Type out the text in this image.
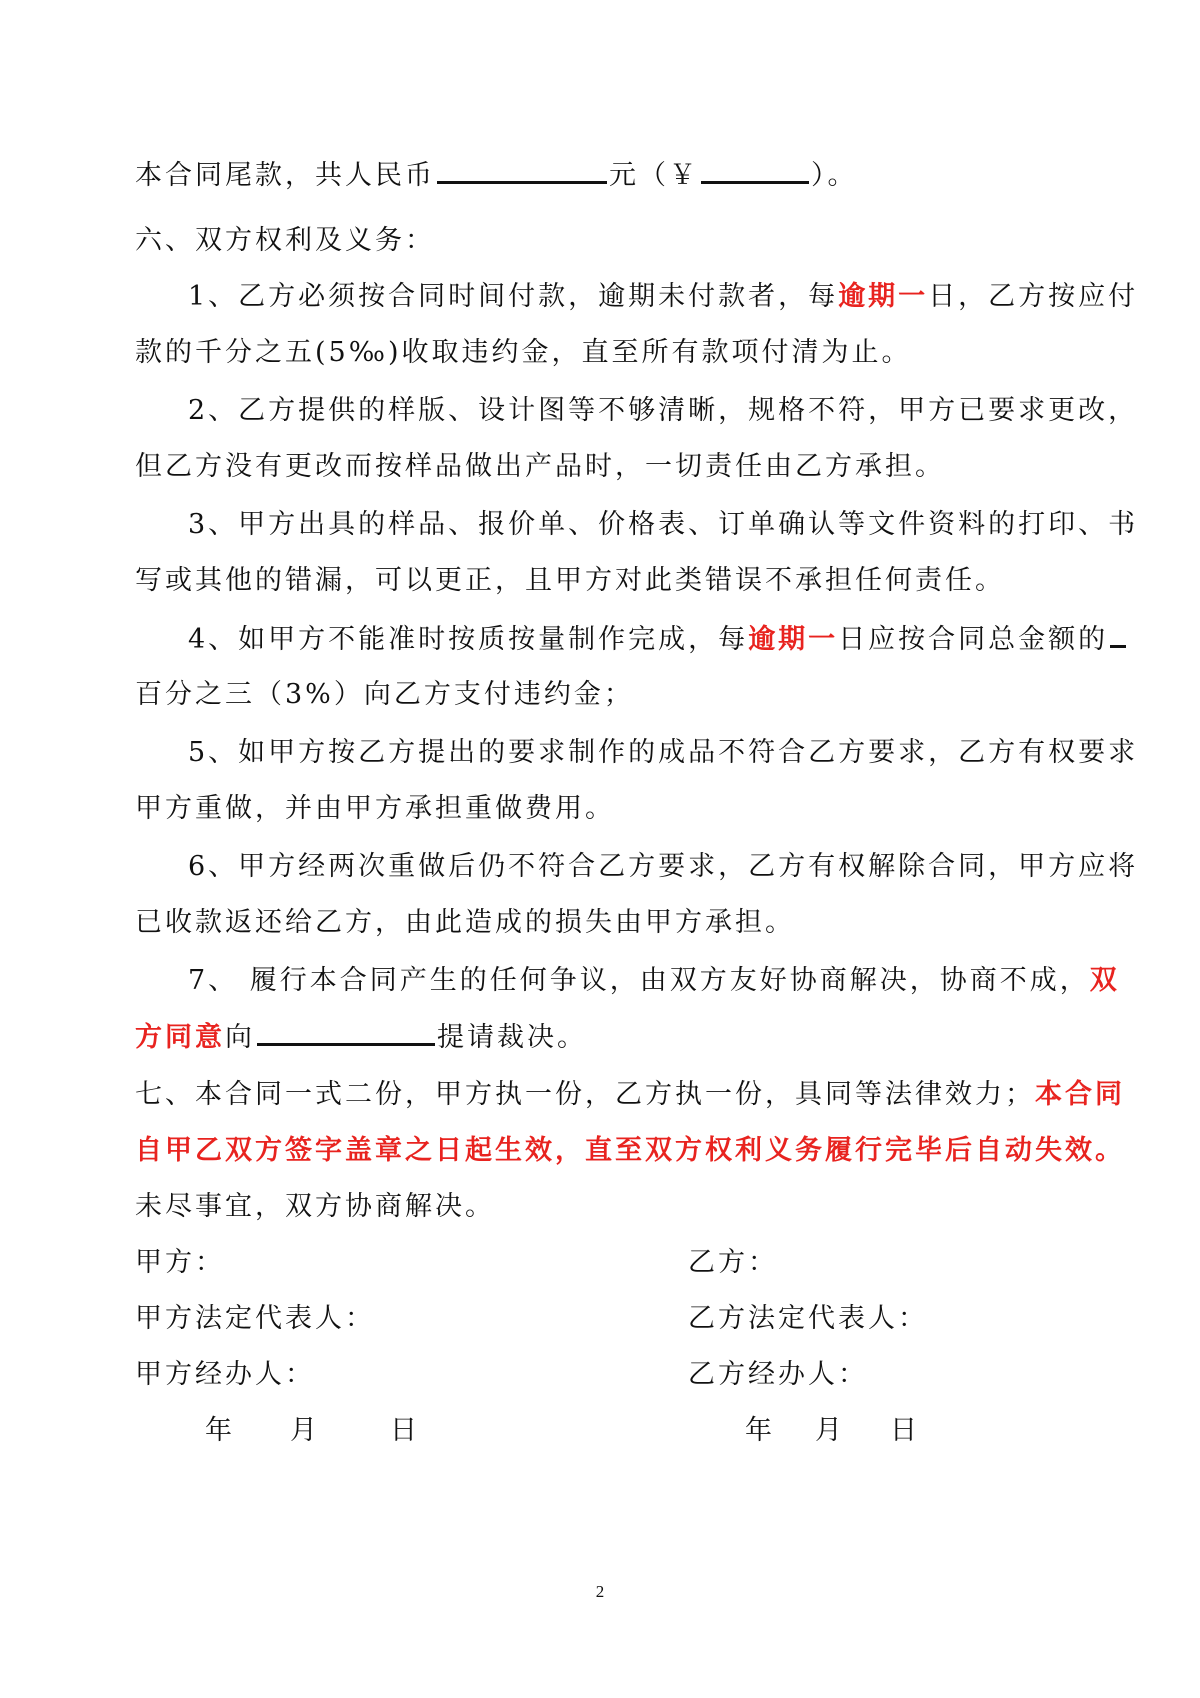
本合同尾款，共人民币	元（￥	）。
六、双方权利及义务：
1、乙方必须按合同时间付款，逾期未付款者，每逾期一日，乙方按应付
款的千分之五(5‰)收取违约金，直至所有款项付清为止。
2、乙方提供的样版、设计图等不够清晰，规格不符，甲方已要求更改，
但乙方没有更改而按样品做出产品时，一切责任由乙方承担。
3、甲方出具的样品、报价单、价格表、订单确认等文件资料的打印、书
写或其他的错漏，可以更正，且甲方对此类错误不承担任何责任。
4、如甲方不能准时按质按量制作完成，每逾期一日应按合同总金额的
百分之三（3%）向乙方支付违约金；
5、如甲方按乙方提出的要求制作的成品不符合乙方要求，乙方有权要求
甲方重做，并由甲方承担重做费用。
6、甲方经两次重做后仍不符合乙方要求，乙方有权解除合同，甲方应将
已收款返还给乙方，由此造成的损失由甲方承担。
7、 履行本合同产生的任何争议，由双方友好协商解决，协商不成，双
方同意向	提请裁决。
七、本合同一式二份，甲方执一份，乙方执一份，具同等法律效力；本合同
自甲乙双方签字盖章之日起生效，直至双方权利义务履行完毕后自动失效。
未尽事宜，双方协商解决。
甲方：	乙方：
甲方法定代表人：	乙方法定代表人：
甲方经办人：	乙方经办人：
年 月	日	年 月 日
2
